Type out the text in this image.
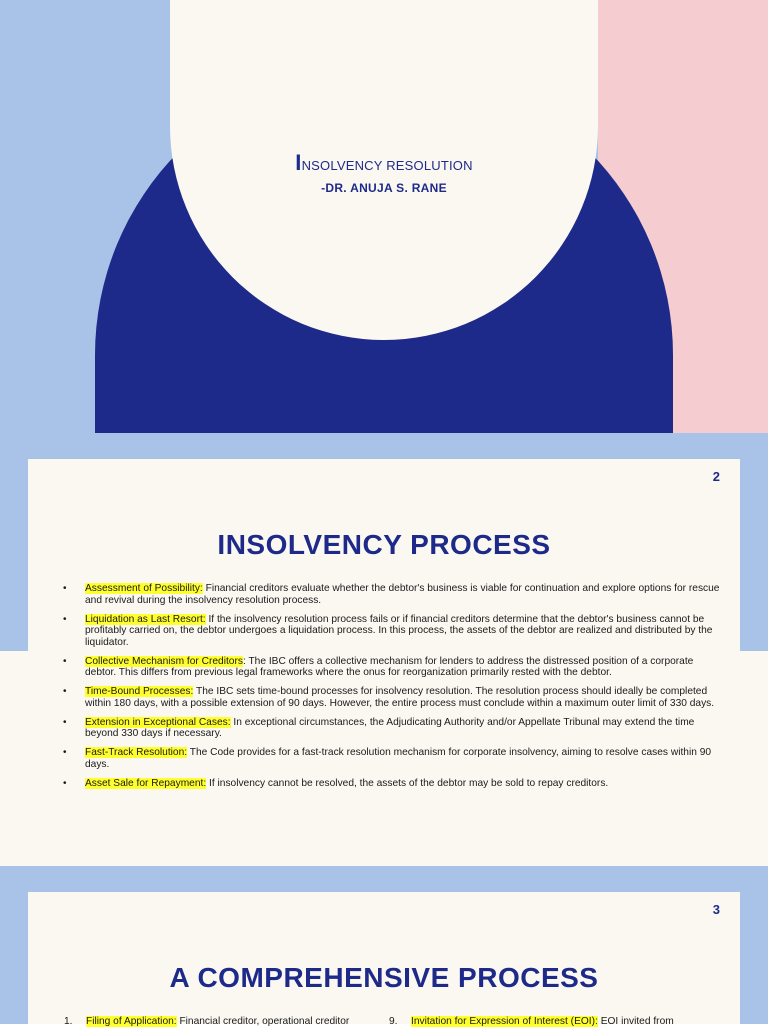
INSOLVENCY RESOLUTION
-DR. ANUJA S. RANE
2
INSOLVENCY PROCESS
• Assessment of Possibility: Financial creditors evaluate whether the debtor's business is viable for continuation and explore options for rescue and revival during the insolvency resolution process.
• Liquidation as Last Resort: If the insolvency resolution process fails or if financial creditors determine that the debtor's business cannot be profitably carried on, the debtor undergoes a liquidation process. In this process, the assets of the debtor are realized and distributed by the liquidator.
• Collective Mechanism for Creditors: The IBC offers a collective mechanism for lenders to address the distressed position of a corporate debtor. This differs from previous legal frameworks where the onus for reorganization primarily rested with the debtor.
• Time-Bound Processes: The IBC sets time-bound processes for insolvency resolution. The resolution process should ideally be completed within 180 days, with a possible extension of 90 days. However, the entire process must conclude within a maximum outer limit of 330 days.
• Extension in Exceptional Cases: In exceptional circumstances, the Adjudicating Authority and/or Appellate Tribunal may extend the time beyond 330 days if necessary.
• Fast-Track Resolution: The Code provides for a fast-track resolution mechanism for corporate insolvency, aiming to resolve cases within 90 days.
• Asset Sale for Repayment: If insolvency cannot be resolved, the assets of the debtor may be sold to repay creditors.
3
A COMPREHENSIVE PROCESS
1. Filing of Application: Financial creditor, operational creditor	9. Invitation for Expression of Interest (EOI): EOI invited from
